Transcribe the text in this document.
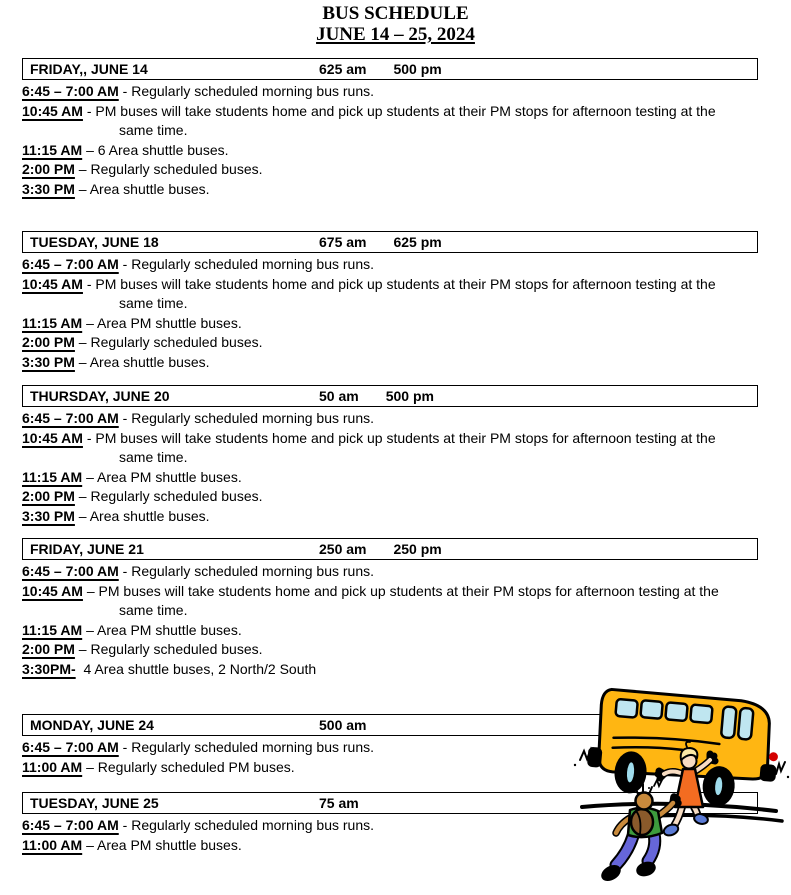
BUS SCHEDULE
JUNE 14 – 25, 2024
FRIDAY,, JUNE 14	625 am 500 pm
6:45 – 7:00 AM - Regularly scheduled morning bus runs.
10:45 AM - PM buses will take students home and pick up students at their PM stops for afternoon testing at the
same time.
11:15 AM – 6 Area shuttle buses.
2:00 PM – Regularly scheduled buses.
3:30 PM – Area shuttle buses.
TUESDAY, JUNE 18	675 am 625 pm
6:45 – 7:00 AM - Regularly scheduled morning bus runs.
10:45 AM - PM buses will take students home and pick up students at their PM stops for afternoon testing at the
same time.
11:15 AM – Area PM shuttle buses.
2:00 PM – Regularly scheduled buses.
3:30 PM – Area shuttle buses.
THURSDAY, JUNE 20	50 am 500 pm
6:45 – 7:00 AM - Regularly scheduled morning bus runs.
10:45 AM - PM buses will take students home and pick up students at their PM stops for afternoon testing at the
same time.
11:15 AM – Area PM shuttle buses.
2:00 PM – Regularly scheduled buses.
3:30 PM – Area shuttle buses.
FRIDAY, JUNE 21	250 am 250 pm
6:45 – 7:00 AM - Regularly scheduled morning bus runs.
10:45 AM – PM buses will take students home and pick up students at their PM stops for afternoon testing at the
same time.
11:15 AM – Area PM shuttle buses.
2:00 PM – Regularly scheduled buses.
3:30PM- 4 Area shuttle buses, 2 North/2 South
MONDAY, JUNE 24	500 am
6:45 – 7:00 AM - Regularly scheduled morning bus runs.
11:00 AM – Regularly scheduled PM buses.
TUESDAY, JUNE 25	75 am
6:45 – 7:00 AM - Regularly scheduled morning bus runs.
11:00 AM – Area PM shuttle buses.
